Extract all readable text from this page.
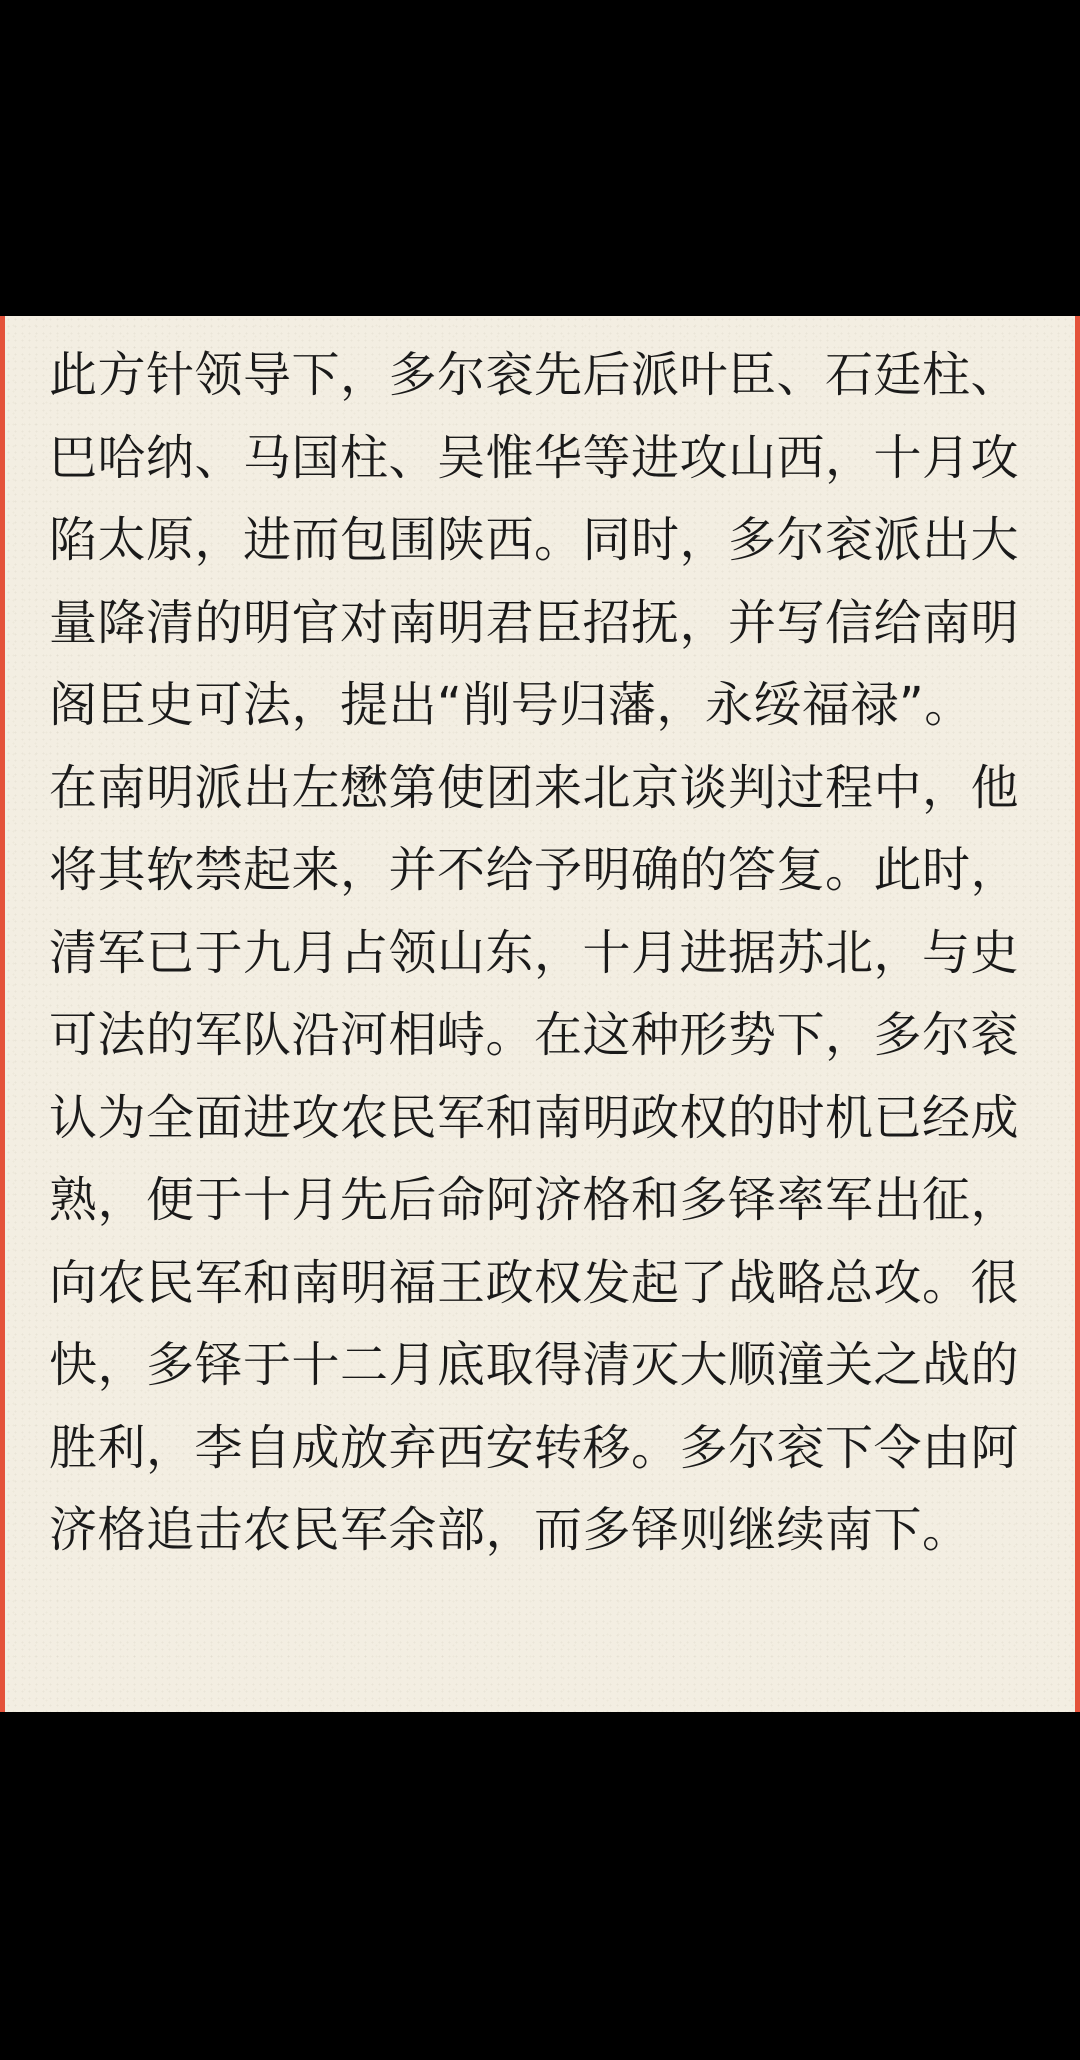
此方针领导下，多尔衮先后派叶臣、石廷柱、
巴哈纳、马国柱、吴惟华等进攻山西，十月攻
陷太原，进而包围陕西。同时，多尔衮派出大
量降清的明官对南明君臣招抚，并写信给南明
阁臣史可法，提出“削号归藩，永绥福禄”。
在南明派出左懋第使团来北京谈判过程中，他
将其软禁起来，并不给予明确的答复。此时，
清军已于九月占领山东，十月进据苏北，与史
可法的军队沿河相峙。在这种形势下，多尔衮
认为全面进攻农民军和南明政权的时机已经成
熟，便于十月先后命阿济格和多铎率军出征，
向农民军和南明福王政权发起了战略总攻。很
快，多铎于十二月底取得清灭大顺潼关之战的
胜利，李自成放弃西安转移。多尔衮下令由阿
济格追击农民军余部，而多铎则继续南下。
